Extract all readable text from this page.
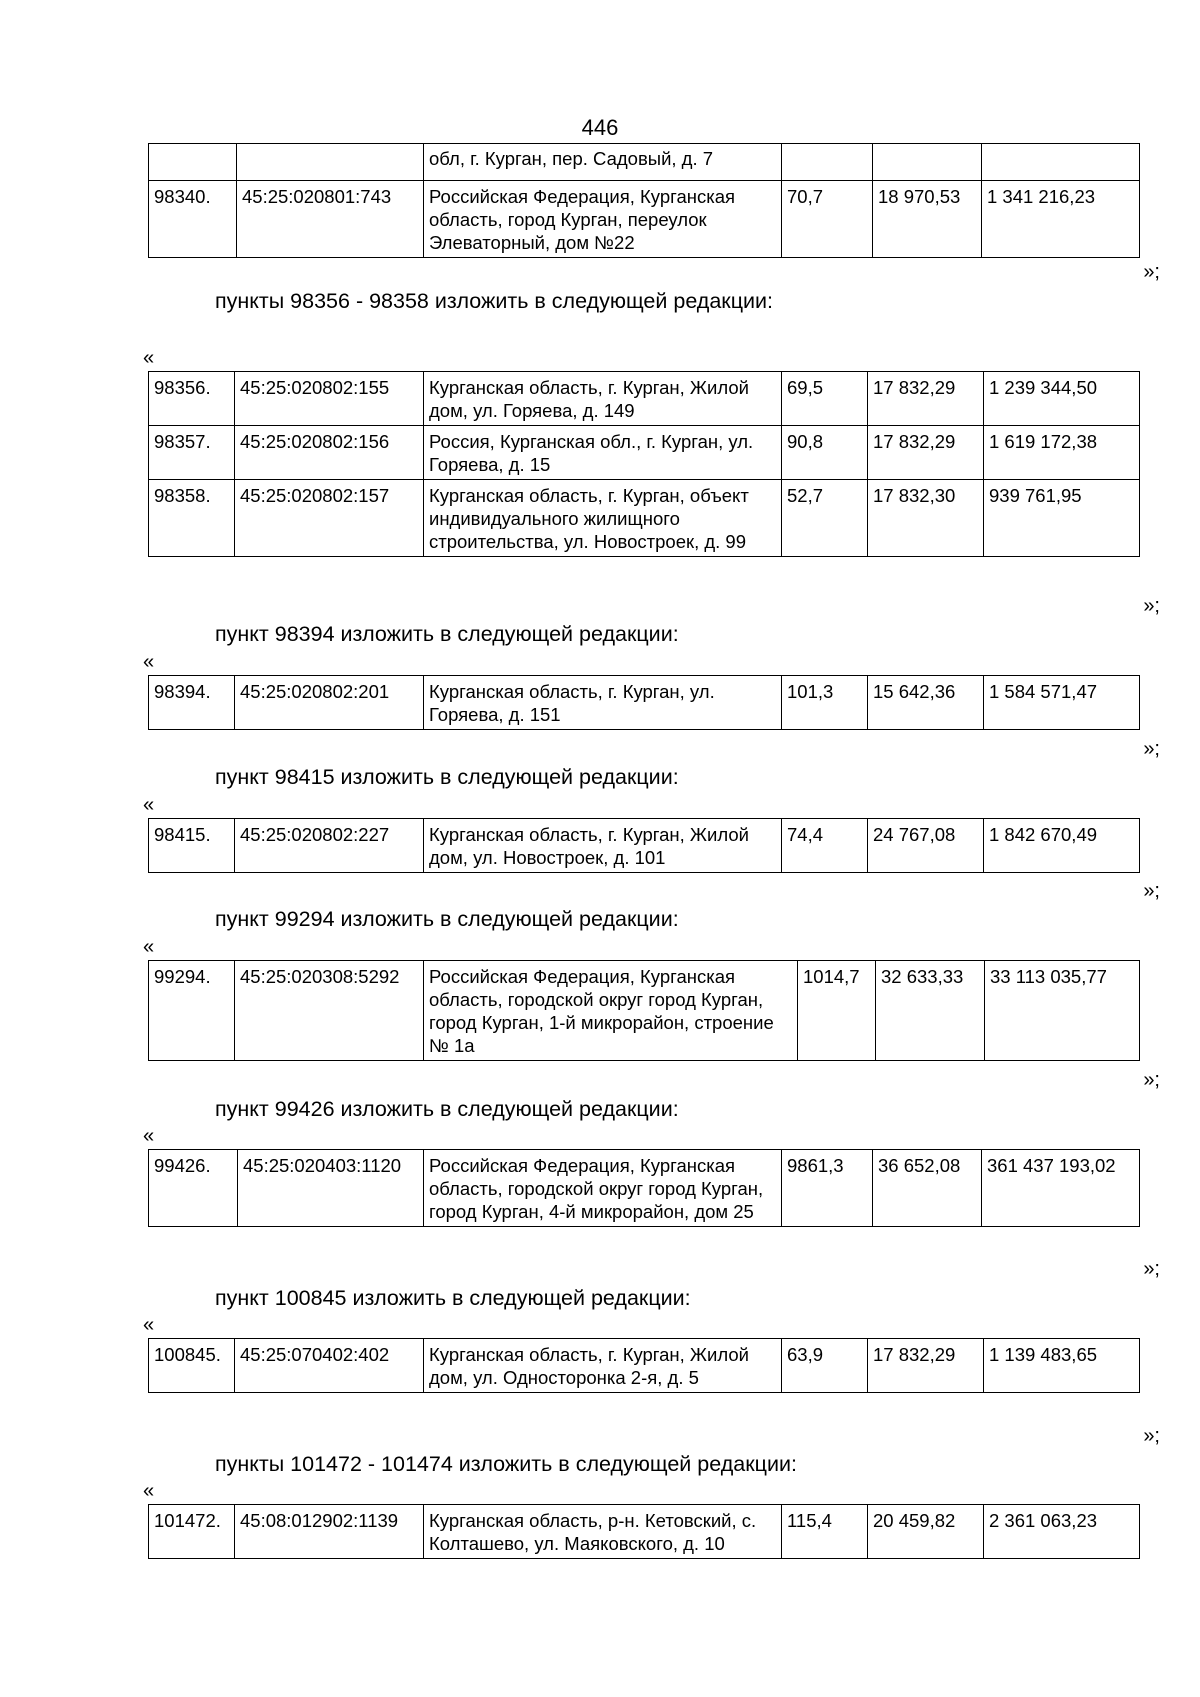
446
		обл, г. Курган, пер. Садовый, д. 7			
98340.	45:25:020801:743	Российская Федерация, Курганская область, город Курган, переулок Элеваторный, дом №22	70,7	18 970,53	1 341 216,23
»;
пункты 98356 - 98358 изложить в следующей редакции:
«
98356.	45:25:020802:155	Курганская область, г. Курган, Жилой дом, ул. Горяева, д. 149	69,5	17 832,29	1 239 344,50
98357.	45:25:020802:156	Россия, Курганская обл., г. Курган, ул. Горяева, д. 15	90,8	17 832,29	1 619 172,38
98358.	45:25:020802:157	Курганская область, г. Курган, объект индивидуального жилищного строительства, ул. Новостроек, д. 99	52,7	17 832,30	939 761,95
»;
пункт 98394 изложить в следующей редакции:
«
98394.	45:25:020802:201	Курганская область, г. Курган, ул. Горяева, д. 151	101,3	15 642,36	1 584 571,47
»;
пункт 98415 изложить в следующей редакции:
«
98415.	45:25:020802:227	Курганская область, г. Курган, Жилой дом, ул. Новостроек, д. 101	74,4	24 767,08	1 842 670,49
»;
пункт 99294 изложить в следующей редакции:
«
99294.	45:25:020308:5292	Российская Федерация, Курганская область, городской округ город Курган, город Курган, 1-й микрорайон, строение № 1а	1014,7	32 633,33	33 113 035,77
»;
пункт 99426 изложить в следующей редакции:
«
99426.	45:25:020403:1120	Российская Федерация, Курганская область, городской округ город Курган, город Курган, 4-й микрорайон, дом 25	9861,3	36 652,08	361 437 193,02
»;
пункт 100845 изложить в следующей редакции:
«
100845.	45:25:070402:402	Курганская область, г. Курган, Жилой дом, ул. Односторонка 2-я, д. 5	63,9	17 832,29	1 139 483,65
»;
пункты 101472 - 101474 изложить в следующей редакции:
«
101472.	45:08:012902:1139	Курганская область, р-н. Кетовский, с. Колташево, ул. Маяковского, д. 10	115,4	20 459,82	2 361 063,23
